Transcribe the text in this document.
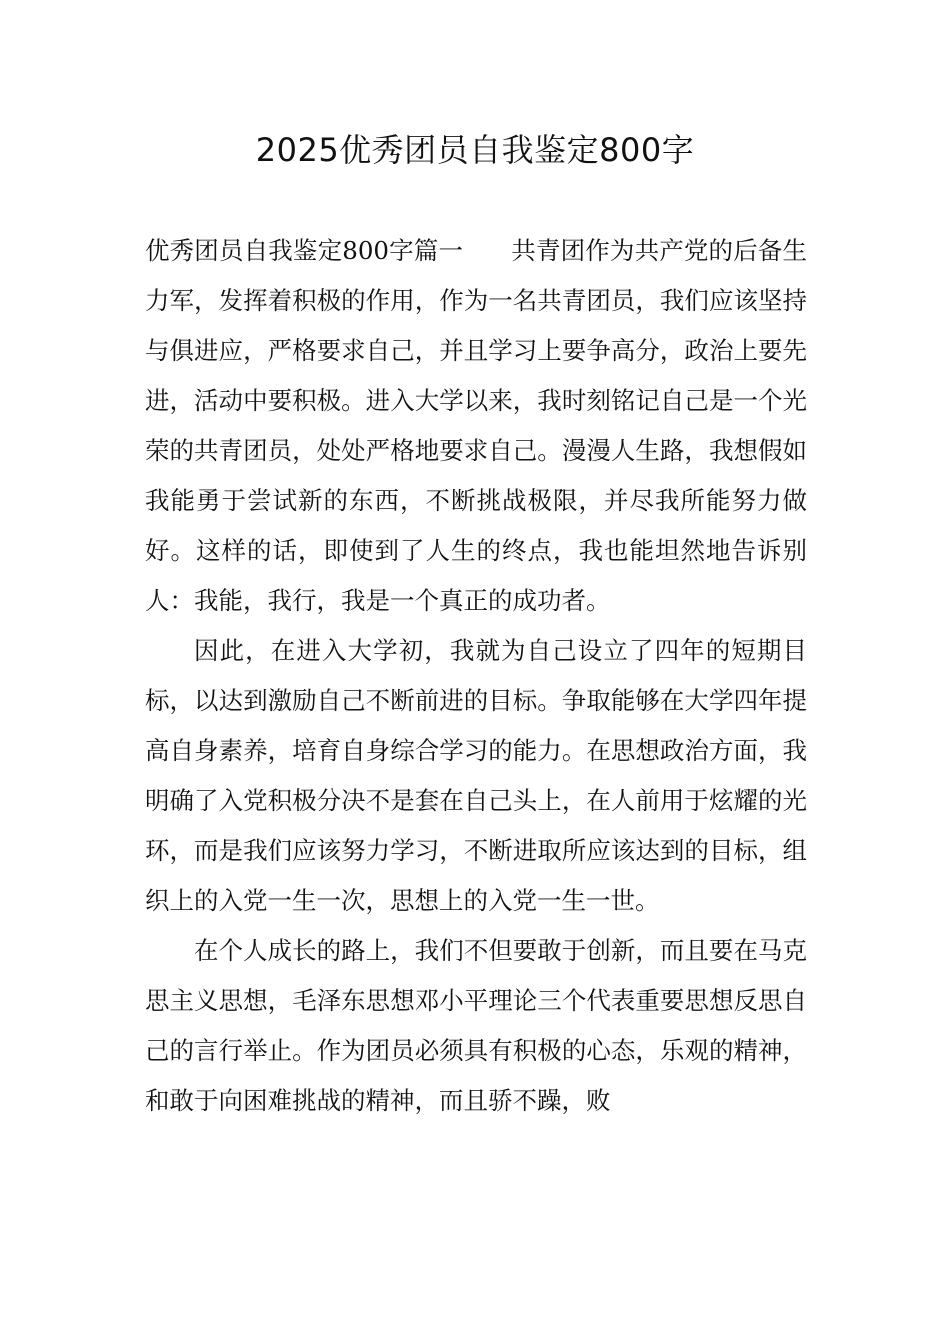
2025优秀团员自我鉴定800字

优秀团员自我鉴定800字篇一 共青团作为共产党的后备生力军，发挥着积极的作用，作为一名共青团员，我们应该坚持与俱进应，严格要求自己，并且学习上要争高分，政治上要先进，活动中要积极。进入大学以来，我时刻铭记自己是一个光荣的共青团员，处处严格地要求自己。漫漫人生路，我想假如我能勇于尝试新的东西，不断挑战极限，并尽我所能努力做好。这样的话，即使到了人生的终点，我也能坦然地告诉别人：我能，我行，我是一个真正的成功者。

因此，在进入大学初，我就为自己设立了四年的短期目标，以达到激励自己不断前进的目标。争取能够在大学四年提高自身素养，培育自身综合学习的能力。在思想政治方面，我明确了入党积极分决不是套在自己头上，在人前用于炫耀的光环，而是我们应该努力学习，不断进取所应该达到的目标，组织上的入党一生一次，思想上的入党一生一世。

在个人成长的路上，我们不但要敢于创新，而且要在马克思主义思想，毛泽东思想邓小平理论三个代表重要思想反思自己的言行举止。作为团员必须具有积极的心态，乐观的精神，和敢于向困难挑战的精神，而且骄不躁，败
